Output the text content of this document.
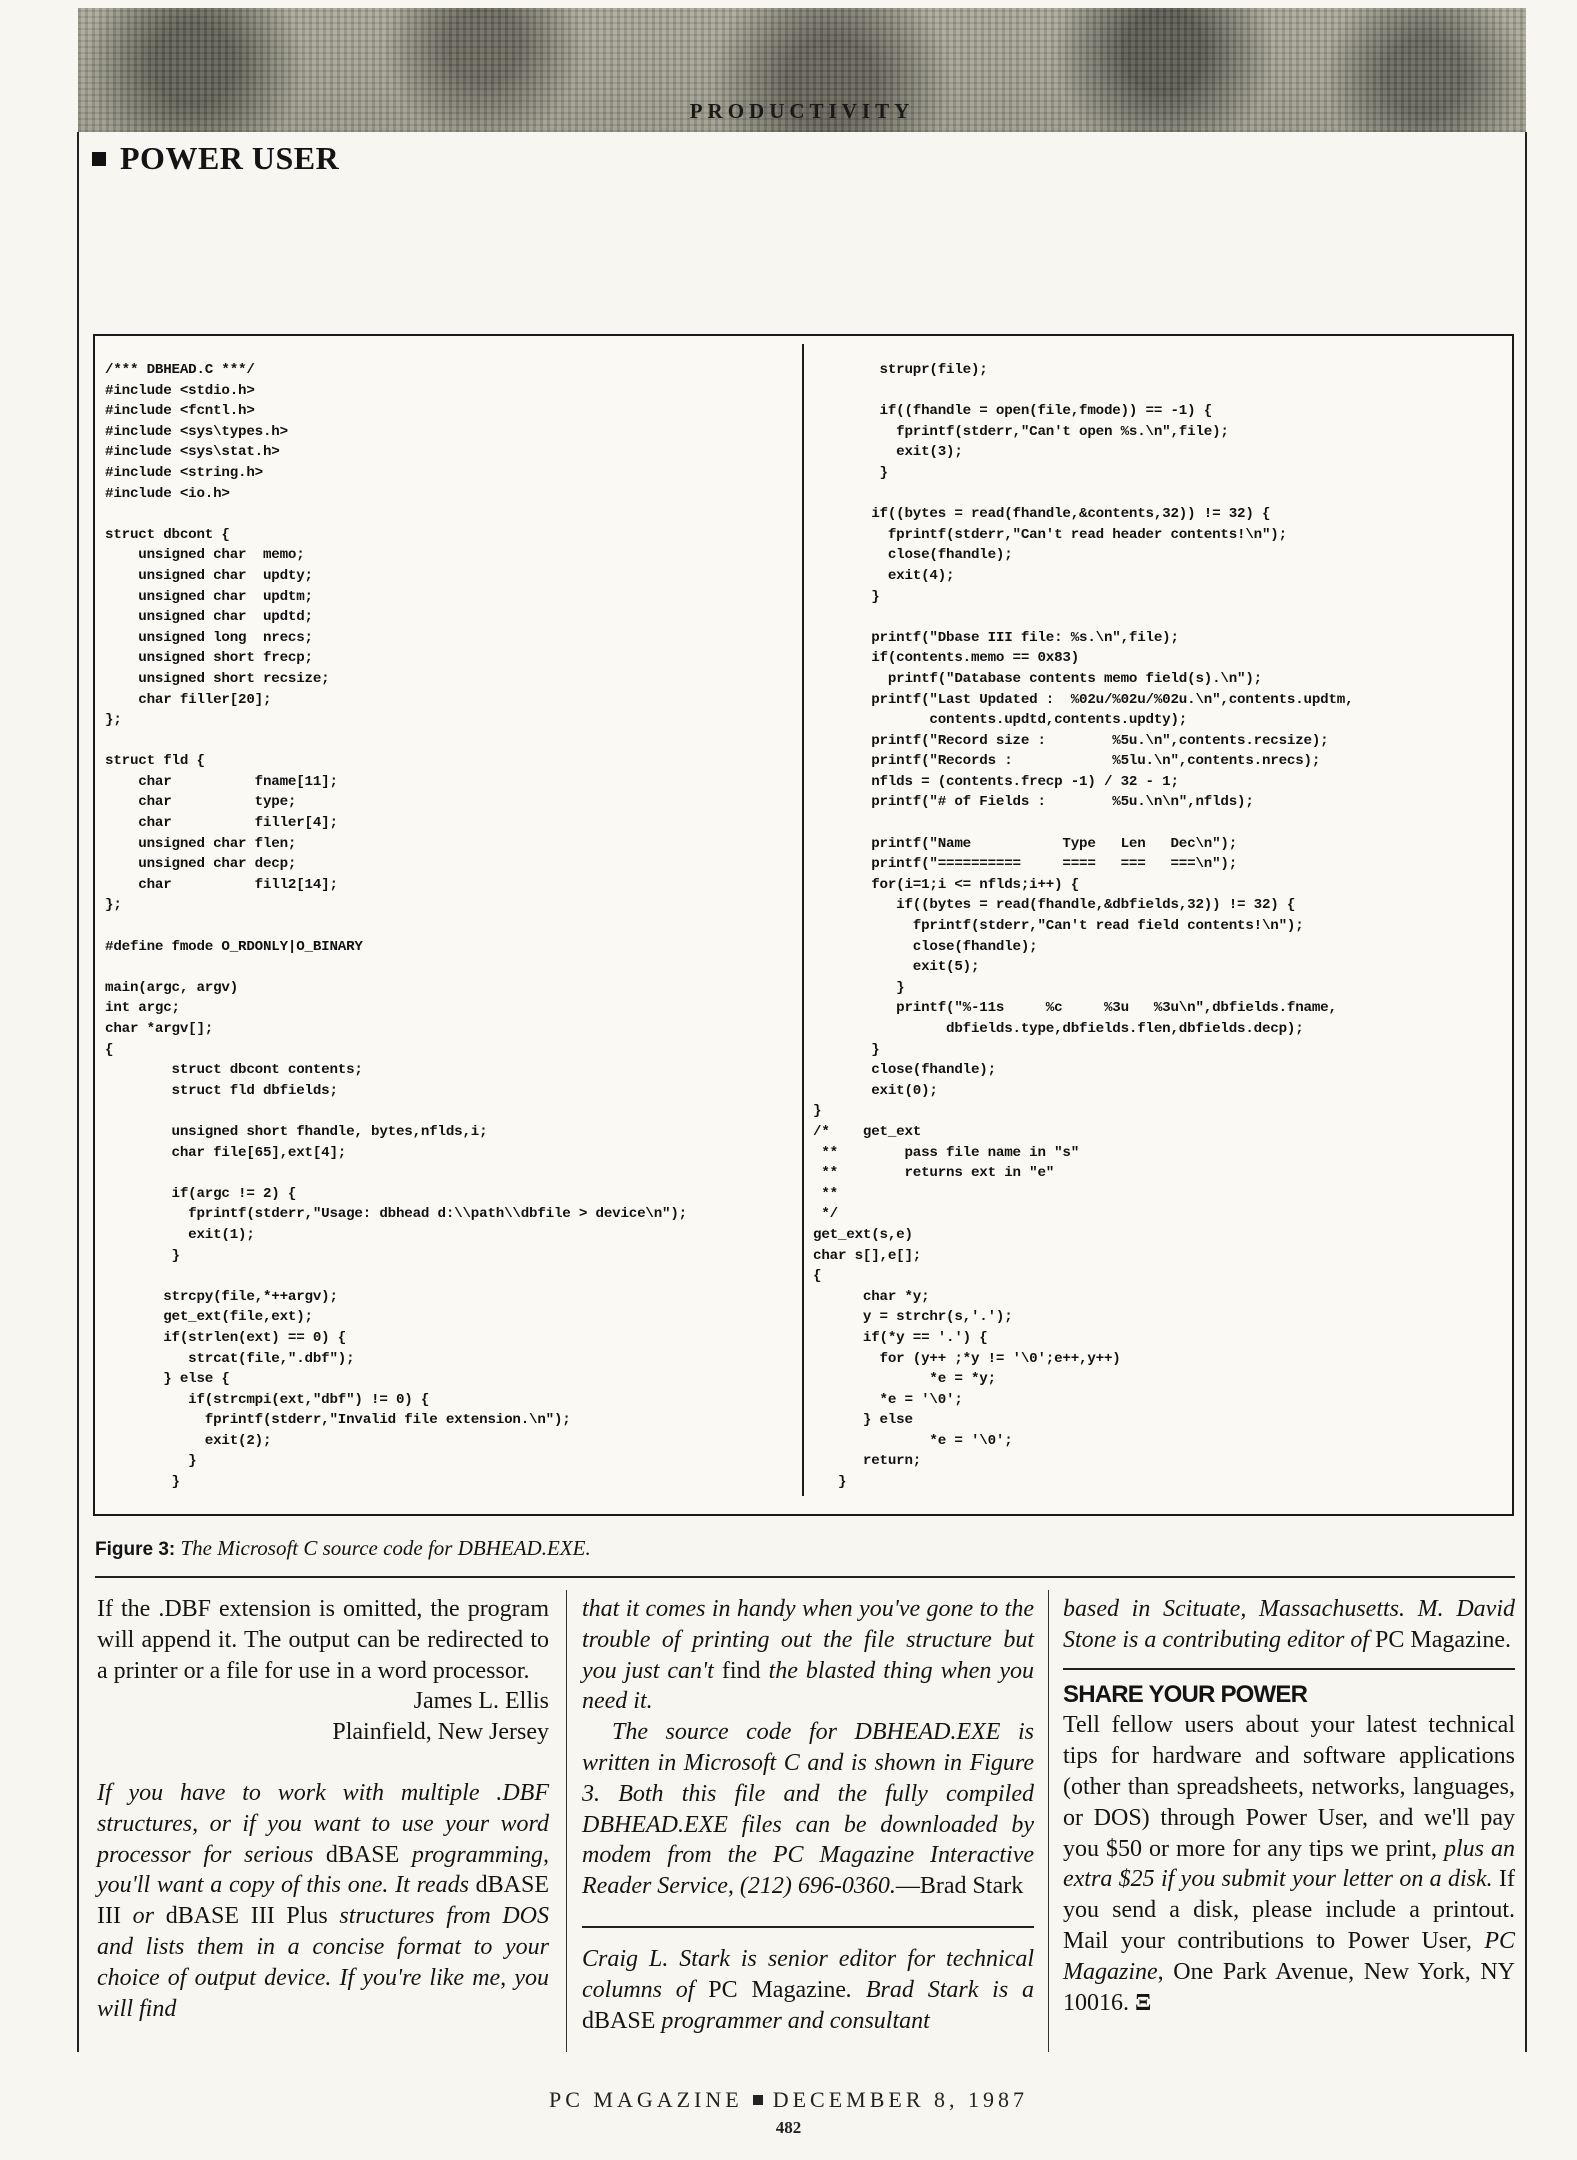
PRODUCTIVITY
POWER USER
/*** DBHEAD.C ***/
#include <stdio.h>
#include <fcntl.h>
#include <sys\types.h>
#include <sys\stat.h>
#include <string.h>
#include <io.h>

struct dbcont {
unsigned char  memo;
unsigned char  updty;
unsigned char  updtm;
unsigned char  updtd;
unsigned long  nrecs;
unsigned short frecp;
unsigned short recsize;
char filler[20];
};

struct fld {
char          fname[11];
char          type;
char          filler[4];
unsigned char flen;
unsigned char decp;
char          fill2[14];
};

#define fmode O_RDONLY|O_BINARY

main(argc, argv)
int argc;
char *argv[];
{
struct dbcont contents;
struct fld dbfields;

unsigned short fhandle, bytes,nflds,i;
char file[65],ext[4];

if(argc != 2) {
fprintf(stderr,"Usage: dbhead d:\\path\\dbfile > device\n");
exit(1);
}

strcpy(file,*++argv);
get_ext(file,ext);
if(strlen(ext) == 0) {
strcat(file,".dbf");
} else {
if(strcmpi(ext,"dbf") != 0) {
fprintf(stderr,"Invalid file extension.\n");
exit(2);
}
}
strupr(file);

if((fhandle = open(file,fmode)) == -1) {
fprintf(stderr,"Can't open %s.\n",file);
exit(3);
}

if((bytes = read(fhandle,&contents,32)) != 32) {
fprintf(stderr,"Can't read header contents!\n");
close(fhandle);
exit(4);
}

printf("Dbase III file: %s.\n",file);
if(contents.memo == 0x83)
printf("Database contents memo field(s).\n");
printf("Last Updated :  %02u/%02u/%02u.\n",contents.updtm,
contents.updtd,contents.updty);
printf("Record size :        %5u.\n",contents.recsize);
printf("Records :            %5lu.\n",contents.nrecs);
nflds = (contents.frecp -1) / 32 - 1;
printf("# of Fields :        %5u.\n\n",nflds);

printf("Name           Type   Len   Dec\n");
printf("==========     ====   ===   ===\n");
for(i=1;i <= nflds;i++) {
if((bytes = read(fhandle,&dbfields,32)) != 32) {
fprintf(stderr,"Can't read field contents!\n");
close(fhandle);
exit(5);
}
printf("%-11s     %c     %3u   %3u\n",dbfields.fname,
dbfields.type,dbfields.flen,dbfields.decp);
}
close(fhandle);
exit(0);
}
/*    get_ext
**        pass file name in "s"
**        returns ext in "e"
**
*/
get_ext(s,e)
char s[],e[];
{
char *y;
y = strchr(s,'.');
if(*y == '.') {
for (y++ ;*y != '\0';e++,y++)
*e = *y;
*e = '\0';
} else
*e = '\0';
return;
}
Figure 3: The Microsoft C source code for DBHEAD.EXE.

If the .DBF extension is omitted, the program will append it. The output can be redirected to a printer or a file for use in a word processor.

James L. Ellis

Plainfield, New Jersey

If you have to work with multiple .DBF structures, or if you want to use your word processor for serious dBASE programming, you'll want a copy of this one. It reads dBASE III or dBASE III Plus structures from DOS and lists them in a concise format to your choice of output device. If you're like me, you will find

that it comes in handy when you've gone to the trouble of printing out the file structure but you just can't find the blasted thing when you need it.

The source code for DBHEAD.EXE is written in Microsoft C and is shown in Figure 3. Both this file and the fully compiled DBHEAD.EXE files can be downloaded by modem from the PC Magazine Interactive Reader Service, (212) 696-0360.—Brad Stark

Craig L. Stark is senior editor for technical columns of PC Magazine. Brad Stark is a dBASE programmer and consultant

based in Scituate, Massachusetts. M. David Stone is a contributing editor of PC Magazine.

SHARE YOUR POWER

Tell fellow users about your latest technical tips for hardware and software applications (other than spreadsheets, networks, languages, or DOS) through Power User, and we'll pay you $50 or more for any tips we print, plus an extra $25 if you submit your letter on a disk. If you send a disk, please include a printout. Mail your contributions to Power User, PC Magazine, One Park Avenue, New York, NY 10016. Ξ

PC MAGAZINE DECEMBER 8, 1987
482
